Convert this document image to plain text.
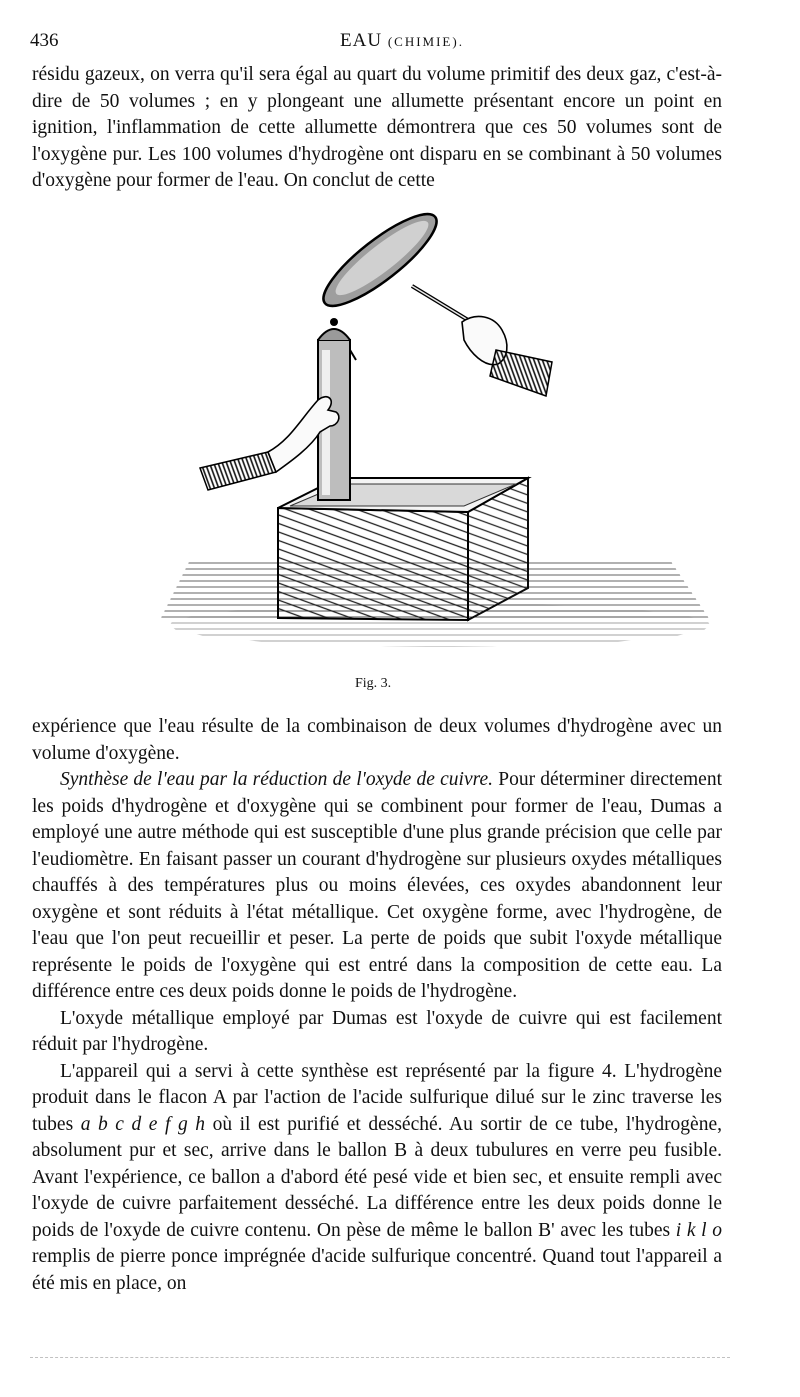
436	EAU (CHIMIE).

résidu gazeux, on verra qu'il sera égal au quart du volume primitif des deux gaz, c'est-à-dire de 50 volumes ; en y plongeant une allumette présentant encore un point en ignition, l'inflammation de cette allumette démontrera que ces 50 volumes sont de l'oxygène pur. Les 100 volumes d'hydrogène ont disparu en se combinant à 50 volumes d'oxygène pour former de l'eau. On conclut de cette

Fig. 3.

expérience que l'eau résulte de la combinaison de deux volumes d'hydrogène avec un volume d'oxygène.

Synthèse de l'eau par la réduction de l'oxyde de cuivre. Pour déterminer directement les poids d'hydrogène et d'oxygène qui se combinent pour former de l'eau, Dumas a employé une autre méthode qui est susceptible d'une plus grande précision que celle par l'eudiomètre. En faisant passer un courant d'hydrogène sur plusieurs oxydes métalliques chauffés à des températures plus ou moins élevées, ces oxydes abandonnent leur oxygène et sont réduits à l'état métallique. Cet oxygène forme, avec l'hydrogène, de l'eau que l'on peut recueillir et peser. La perte de poids que subit l'oxyde métallique représente le poids de l'oxygène qui est entré dans la composition de cette eau. La différence entre ces deux poids donne le poids de l'hydrogène.

L'oxyde métallique employé par Dumas est l'oxyde de cuivre qui est facilement réduit par l'hydrogène.

L'appareil qui a servi à cette synthèse est représenté par la figure 4. L'hydrogène produit dans le flacon A par l'action de l'acide sulfurique dilué sur le zinc traverse les tubes a b c d e f g h où il est purifié et desséché. Au sortir de ce tube, l'hydrogène, absolument pur et sec, arrive dans le ballon B à deux tubulures en verre peu fusible. Avant l'expérience, ce ballon a d'abord été pesé vide et bien sec, et ensuite rempli avec l'oxyde de cuivre parfaitement desséché. La différence entre les deux poids donne le poids de l'oxyde de cuivre contenu. On pèse de même le ballon B' avec les tubes i k l o remplis de pierre ponce imprégnée d'acide sulfurique concentré. Quand tout l'appareil a été mis en place, on
